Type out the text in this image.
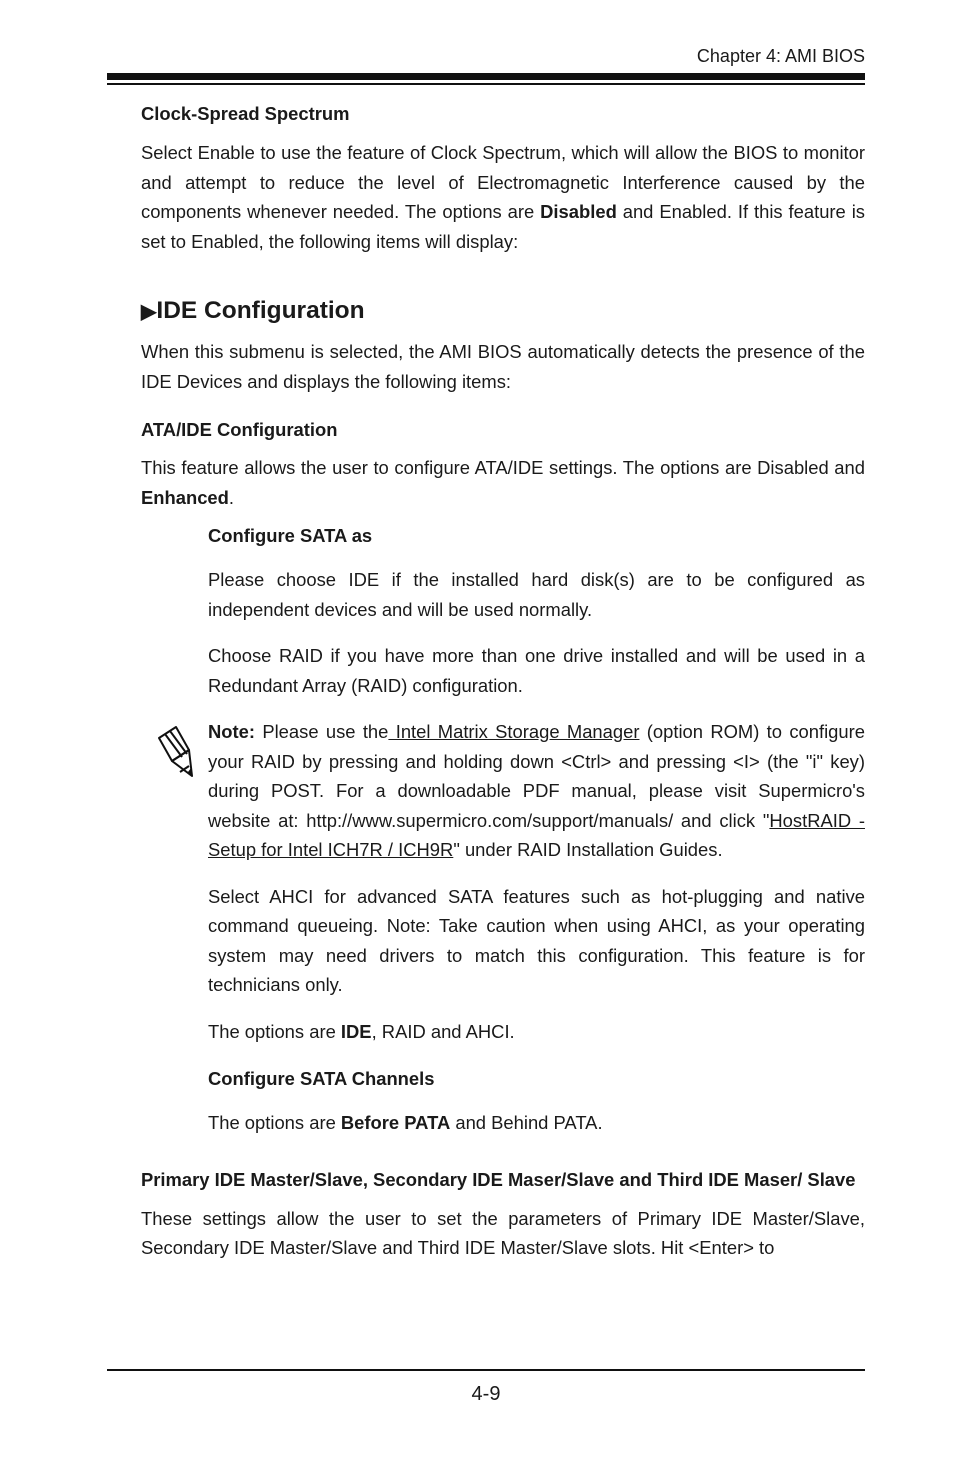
Chapter 4: AMI BIOS

Clock-Spread Spectrum

Select Enable to use the feature of Clock Spectrum, which will allow the BIOS to monitor and attempt to reduce the level of Electromagnetic Interference caused by the components whenever needed. The options are Disabled and Enabled. If this feature is set to Enabled, the following items will display:

▶IDE Configuration

When this submenu is selected, the AMI BIOS automatically detects the presence of the IDE Devices and displays the following items:

ATA/IDE Configuration

This feature allows the user to configure ATA/IDE settings. The options are Disabled and Enhanced.

Configure SATA as

Please choose IDE if the installed hard disk(s) are to be configured as independent devices and will be used normally.

Choose RAID if you have more than one drive installed and will be used in a Redundant Array (RAID) configuration.

Note: Please use the Intel Matrix Storage Manager (option ROM) to configure your RAID by pressing and holding down <Ctrl> and pressing <I> (the "i" key) during POST. For a downloadable PDF manual, please visit Supermicro's website at: http://www.supermicro.com/support/manuals/ and click "HostRAID - Setup for Intel ICH7R / ICH9R" under RAID Installation Guides.

Select AHCI for advanced SATA features such as hot-plugging and native command queueing. Note: Take caution when using AHCI, as your operating system may need drivers to match this configuration. This feature is for technicians only.

The options are IDE, RAID and AHCI.

Configure SATA Channels

The options are Before PATA and Behind PATA.

Primary IDE Master/Slave, Secondary IDE Maser/Slave and Third IDE Maser/ Slave

These settings allow the user to set the parameters of Primary IDE Master/Slave, Secondary IDE Master/Slave and Third IDE Master/Slave slots. Hit <Enter> to

4-9
